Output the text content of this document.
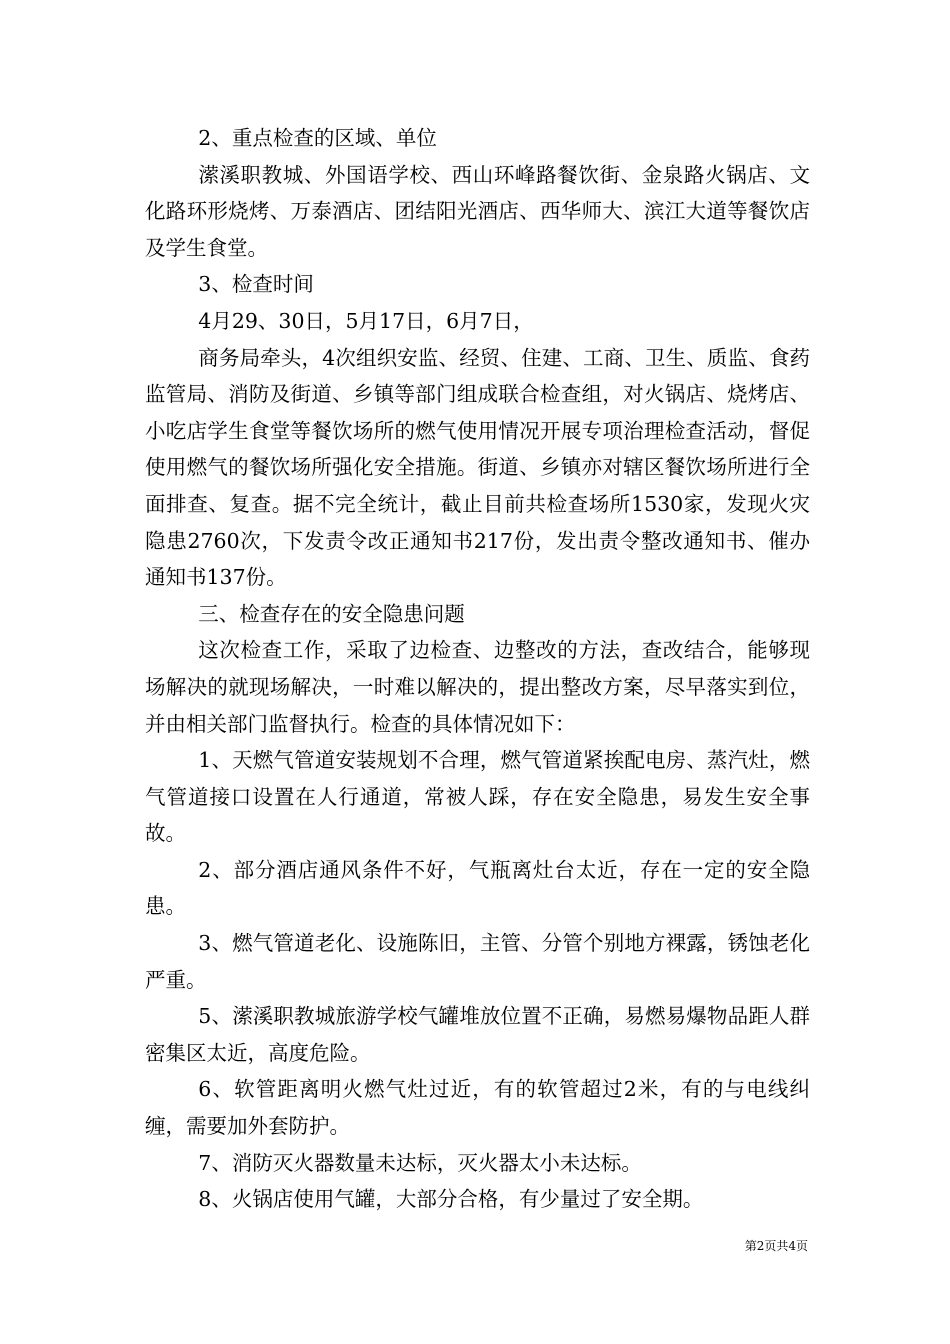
2、重点检查的区域、单位

潆溪职教城、外国语学校、西山环峰路餐饮街、金泉路火锅店、文化路环形烧烤、万泰酒店、团结阳光酒店、西华师大、滨江大道等餐饮店及学生食堂。

3、检查时间

4月29、30日，5月17日，6月7日，

商务局牵头，4次组织安监、经贸、住建、工商、卫生、质监、食药监管局、消防及街道、乡镇等部门组成联合检查组，对火锅店、烧烤店、小吃店学生食堂等餐饮场所的燃气使用情况开展专项治理检查活动，督促使用燃气的餐饮场所强化安全措施。街道、乡镇亦对辖区餐饮场所进行全面排查、复查。据不完全统计，截止目前共检查场所1530家，发现火灾隐患2760次，下发责令改正通知书217份，发出责令整改通知书、催办通知书137份。

三、检查存在的安全隐患问题

这次检查工作，采取了边检查、边整改的方法，查改结合，能够现场解决的就现场解决，一时难以解决的，提出整改方案，尽早落实到位，并由相关部门监督执行。检查的具体情况如下：

1、天燃气管道安装规划不合理，燃气管道紧挨配电房、蒸汽灶，燃气管道接口设置在人行通道，常被人踩，存在安全隐患，易发生安全事故。

2、部分酒店通风条件不好，气瓶离灶台太近，存在一定的安全隐患。

3、燃气管道老化、设施陈旧，主管、分管个别地方裸露，锈蚀老化严重。

5、潆溪职教城旅游学校气罐堆放位置不正确，易燃易爆物品距人群密集区太近，高度危险。

6、软管距离明火燃气灶过近，有的软管超过2米，有的与电线纠缠，需要加外套防护。

7、消防灭火器数量未达标，灭火器太小未达标。

8、火锅店使用气罐，大部分合格，有少量过了安全期。

第2页共4页
